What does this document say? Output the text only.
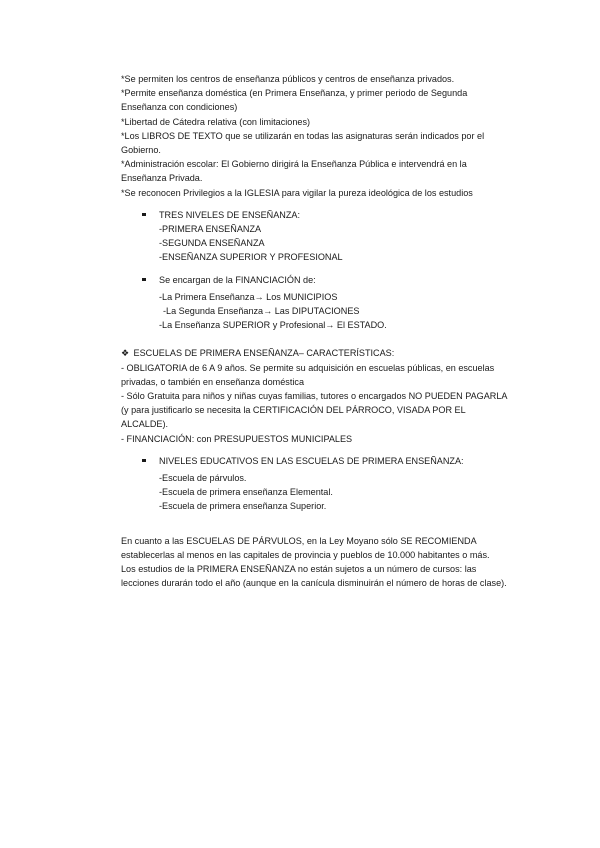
*Se permiten los centros de enseñanza públicos y centros de enseñanza privados.

*Permite enseñanza doméstica (en Primera Enseñanza, y primer periodo de Segunda Enseñanza con condiciones)

*Libertad de Cátedra relativa (con limitaciones)

*Los LIBROS DE TEXTO que se utilizarán en todas las asignaturas serán indicados por el Gobierno.

*Administración escolar: El Gobierno dirigirá la Enseñanza Pública e intervendrá en la Enseñanza Privada.

*Se reconocen Privilegios a la IGLESIA para vigilar la pureza ideológica de los estudios

TRES NIVELES DE ENSEÑANZA:
-PRIMERA ENSEÑANZA
-SEGUNDA ENSEÑANZA
-ENSEÑANZA SUPERIOR Y PROFESIONAL
Se encargan de la FINANCIACIÓN de:
-La Primera Enseñanza→ Los MUNICIPIOS
-La Segunda Enseñanza→ Las DIPUTACIONES
-La Enseñanza SUPERIOR y Profesional→ El ESTADO.
❖ ESCUELAS DE PRIMERA ENSEÑANZA– CARACTERÍSTICAS:

- OBLIGATORIA de 6 A 9 años. Se permite su adquisición en escuelas públicas, en escuelas privadas, o también en enseñanza doméstica

- Sólo Gratuita para niños y niñas cuyas familias, tutores o encargados NO PUEDEN PAGARLA (y para justificarlo se necesita la CERTIFICACIÓN DEL PÁRROCO, VISADA POR EL ALCALDE).

- FINANCIACIÓN: con PRESUPUESTOS MUNICIPALES

NIVELES EDUCATIVOS EN LAS ESCUELAS DE PRIMERA ENSEÑANZA:
-Escuela de párvulos.
-Escuela de primera enseñanza Elemental.
-Escuela de primera enseñanza Superior.

En cuanto a las ESCUELAS DE PÁRVULOS, en la Ley Moyano sólo SE RECOMIENDA establecerlas al menos en las capitales de provincia y pueblos de 10.000 habitantes o más.

Los estudios de la PRIMERA ENSEÑANZA no están sujetos a un número de cursos: las lecciones durarán todo el año (aunque en la canícula disminuirán el número de horas de clase).
